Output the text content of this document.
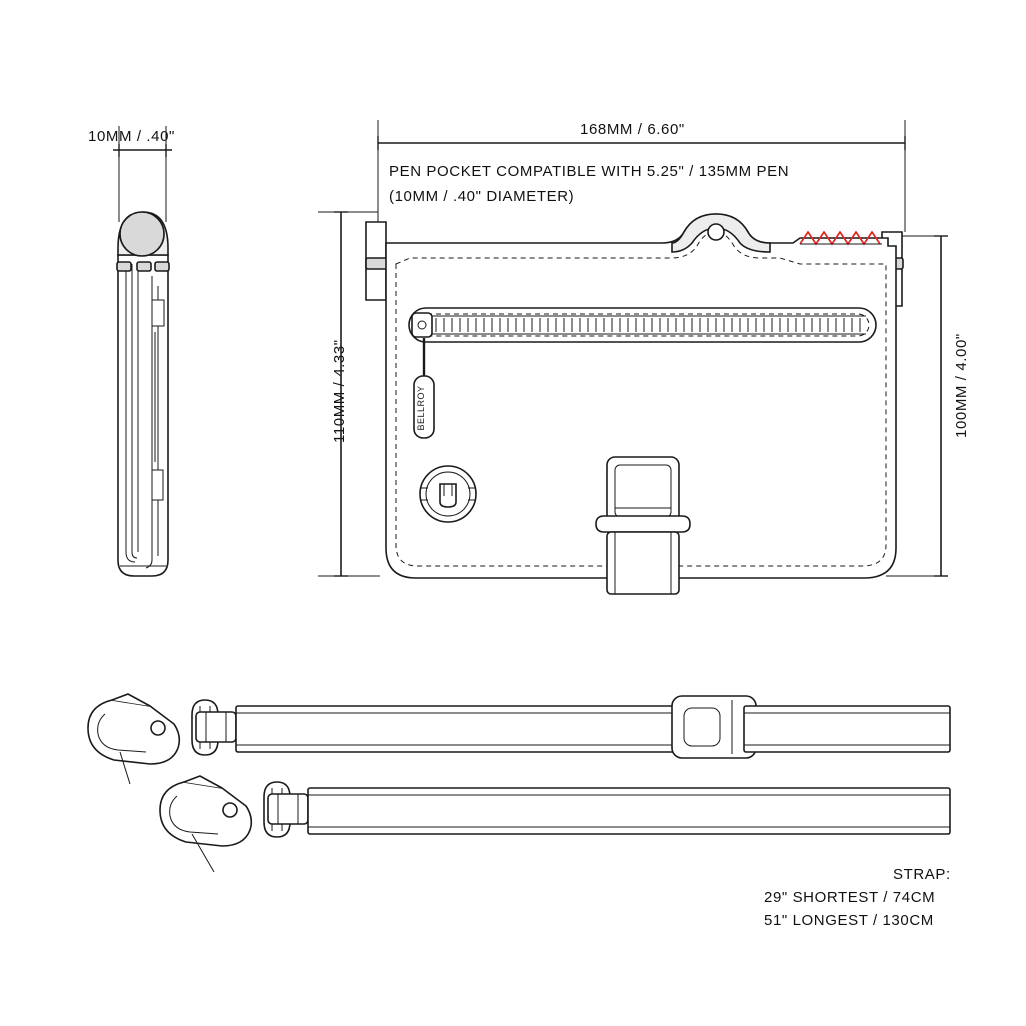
10MM / .40"	168MM / 6.60"
PEN POCKET COMPATIBLE WITH 5.25" / 135MM PEN
(10MM / .40" DIAMETER)
110MM / 4.33"	100MM / 4.00"
STRAP:
29" SHORTEST / 74CM
51" LONGEST / 130CM
BELLROY
